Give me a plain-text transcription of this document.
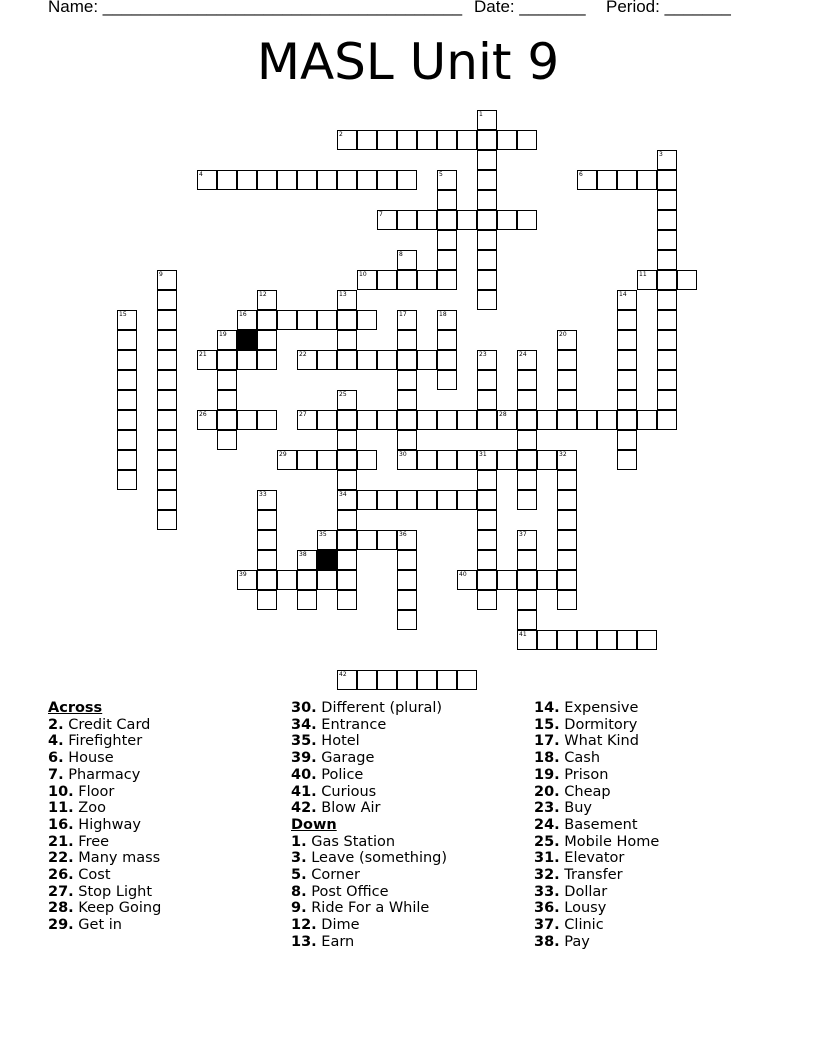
Name: ______________________________________ Date: _______ Period: _______
MASL Unit 9
1
2
3
4	5	6
7
8
9	10	11
12	13	14
15	16	17
30
18
19	20
21	22	23	24
25
34
26	27	28
29	31	32
33
35	36	37
41
38
39	40
42
Across
2. Credit Card
4. Firefighter
6. House
7. Pharmacy
10. Floor
11. Zoo
16. Highway
21. Free
22. Many mass
26. Cost
27. Stop Light
28. Keep Going
29. Get in
30. Different (plural)
34. Entrance
35. Hotel
39. Garage
40. Police
41. Curious
42. Blow Air
Down
1. Gas Station
3. Leave (something)
5. Corner
8. Post Office
9. Ride For a While
12. Dime
13. Earn
14. Expensive
15. Dormitory
17. What Kind
18. Cash
19. Prison
20. Cheap
23. Buy
24. Basement
25. Mobile Home
31. Elevator
32. Transfer
33. Dollar
36. Lousy
37. Clinic
38. Pay
